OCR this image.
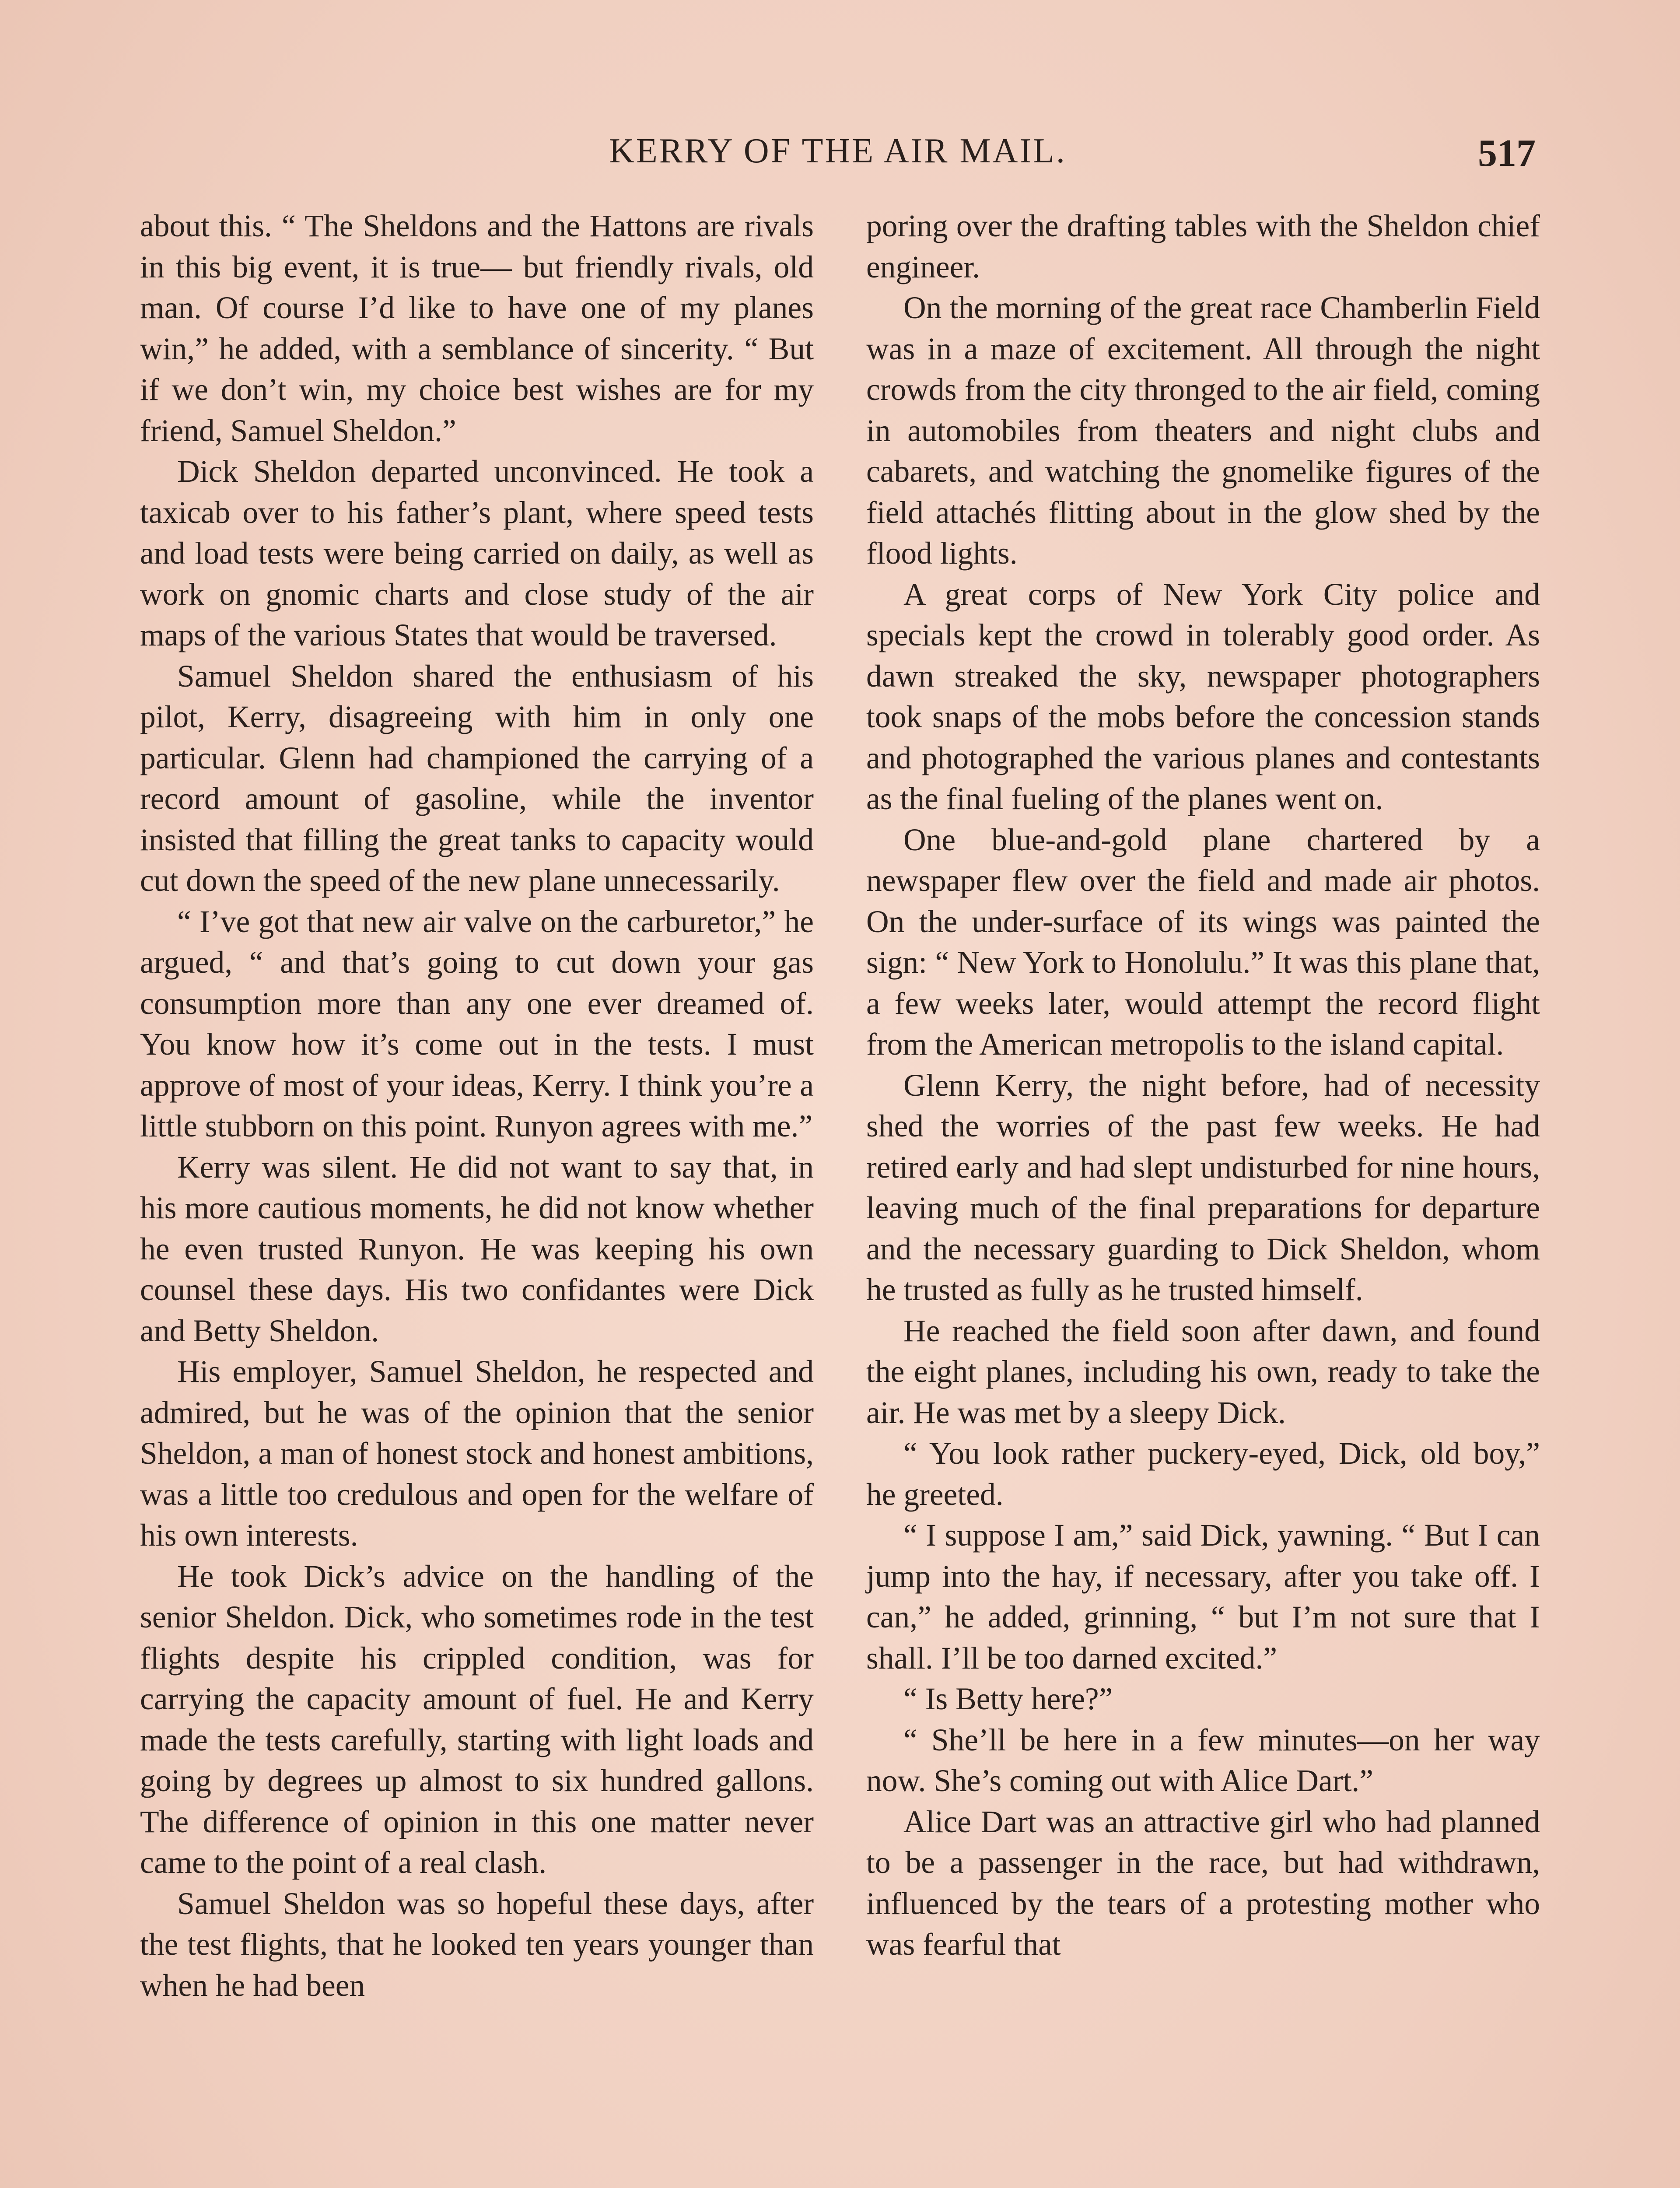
KERRY OF THE AIR MAIL.	517

about this. “ The Sheldons and the Hattons are rivals in this big event, it is true— but friendly rivals, old man. Of course I’d like to have one of my planes win,” he added, with a semblance of sincerity. “ But if we don’t win, my choice best wishes are for my friend, Samuel Sheldon.”

Dick Sheldon departed unconvinced. He took a taxicab over to his father’s plant, where speed tests and load tests were being carried on daily, as well as work on gnomic charts and close study of the air maps of the various States that would be traversed.

Samuel Sheldon shared the enthusiasm of his pilot, Kerry, disagreeing with him in only one particular. Glenn had championed the carrying of a record amount of gasoline, while the inventor insisted that filling the great tanks to capacity would cut down the speed of the new plane unnecessarily.

“ I’ve got that new air valve on the carburetor,” he argued, “ and that’s going to cut down your gas consumption more than any one ever dreamed of. You know how it’s come out in the tests. I must approve of most of your ideas, Kerry. I think you’re a little stubborn on this point. Runyon agrees with me.”

Kerry was silent. He did not want to say that, in his more cautious moments, he did not know whether he even trusted Runyon. He was keeping his own counsel these days. His two confidantes were Dick and Betty Sheldon.

His employer, Samuel Sheldon, he respected and admired, but he was of the opinion that the senior Sheldon, a man of honest stock and honest ambitions, was a little too credulous and open for the welfare of his own interests.

He took Dick’s advice on the handling of the senior Sheldon. Dick, who sometimes rode in the test flights despite his crippled condition, was for carrying the capacity amount of fuel. He and Kerry made the tests carefully, starting with light loads and going by degrees up almost to six hundred gallons. The difference of opinion in this one matter never came to the point of a real clash.

Samuel Sheldon was so hopeful these days, after the test flights, that he looked ten years younger than when he had been

poring over the drafting tables with the Sheldon chief engineer.

On the morning of the great race Chamberlin Field was in a maze of excitement. All through the night crowds from the city thronged to the air field, coming in automobiles from theaters and night clubs and cabarets, and watching the gnomelike figures of the field attachés flitting about in the glow shed by the flood lights.

A great corps of New York City police and specials kept the crowd in tolerably good order. As dawn streaked the sky, newspaper photographers took snaps of the mobs before the concession stands and photographed the various planes and contestants as the final fueling of the planes went on.

One blue-and-gold plane chartered by a newspaper flew over the field and made air photos. On the under-surface of its wings was painted the sign: “ New York to Honolulu.” It was this plane that, a few weeks later, would attempt the record flight from the American metropolis to the island capital.

Glenn Kerry, the night before, had of necessity shed the worries of the past few weeks. He had retired early and had slept undisturbed for nine hours, leaving much of the final preparations for departure and the necessary guarding to Dick Sheldon, whom he trusted as fully as he trusted himself.

He reached the field soon after dawn, and found the eight planes, including his own, ready to take the air. He was met by a sleepy Dick.

“ You look rather puckery-eyed, Dick, old boy,” he greeted.

“ I suppose I am,” said Dick, yawning. “ But I can jump into the hay, if necessary, after you take off. I can,” he added, grinning, “ but I’m not sure that I shall. I’ll be too darned excited.”

“ Is Betty here?”

“ She’ll be here in a few minutes—on her way now. She’s coming out with Alice Dart.”

Alice Dart was an attractive girl who had planned to be a passenger in the race, but had withdrawn, influenced by the tears of a protesting mother who was fearful that
